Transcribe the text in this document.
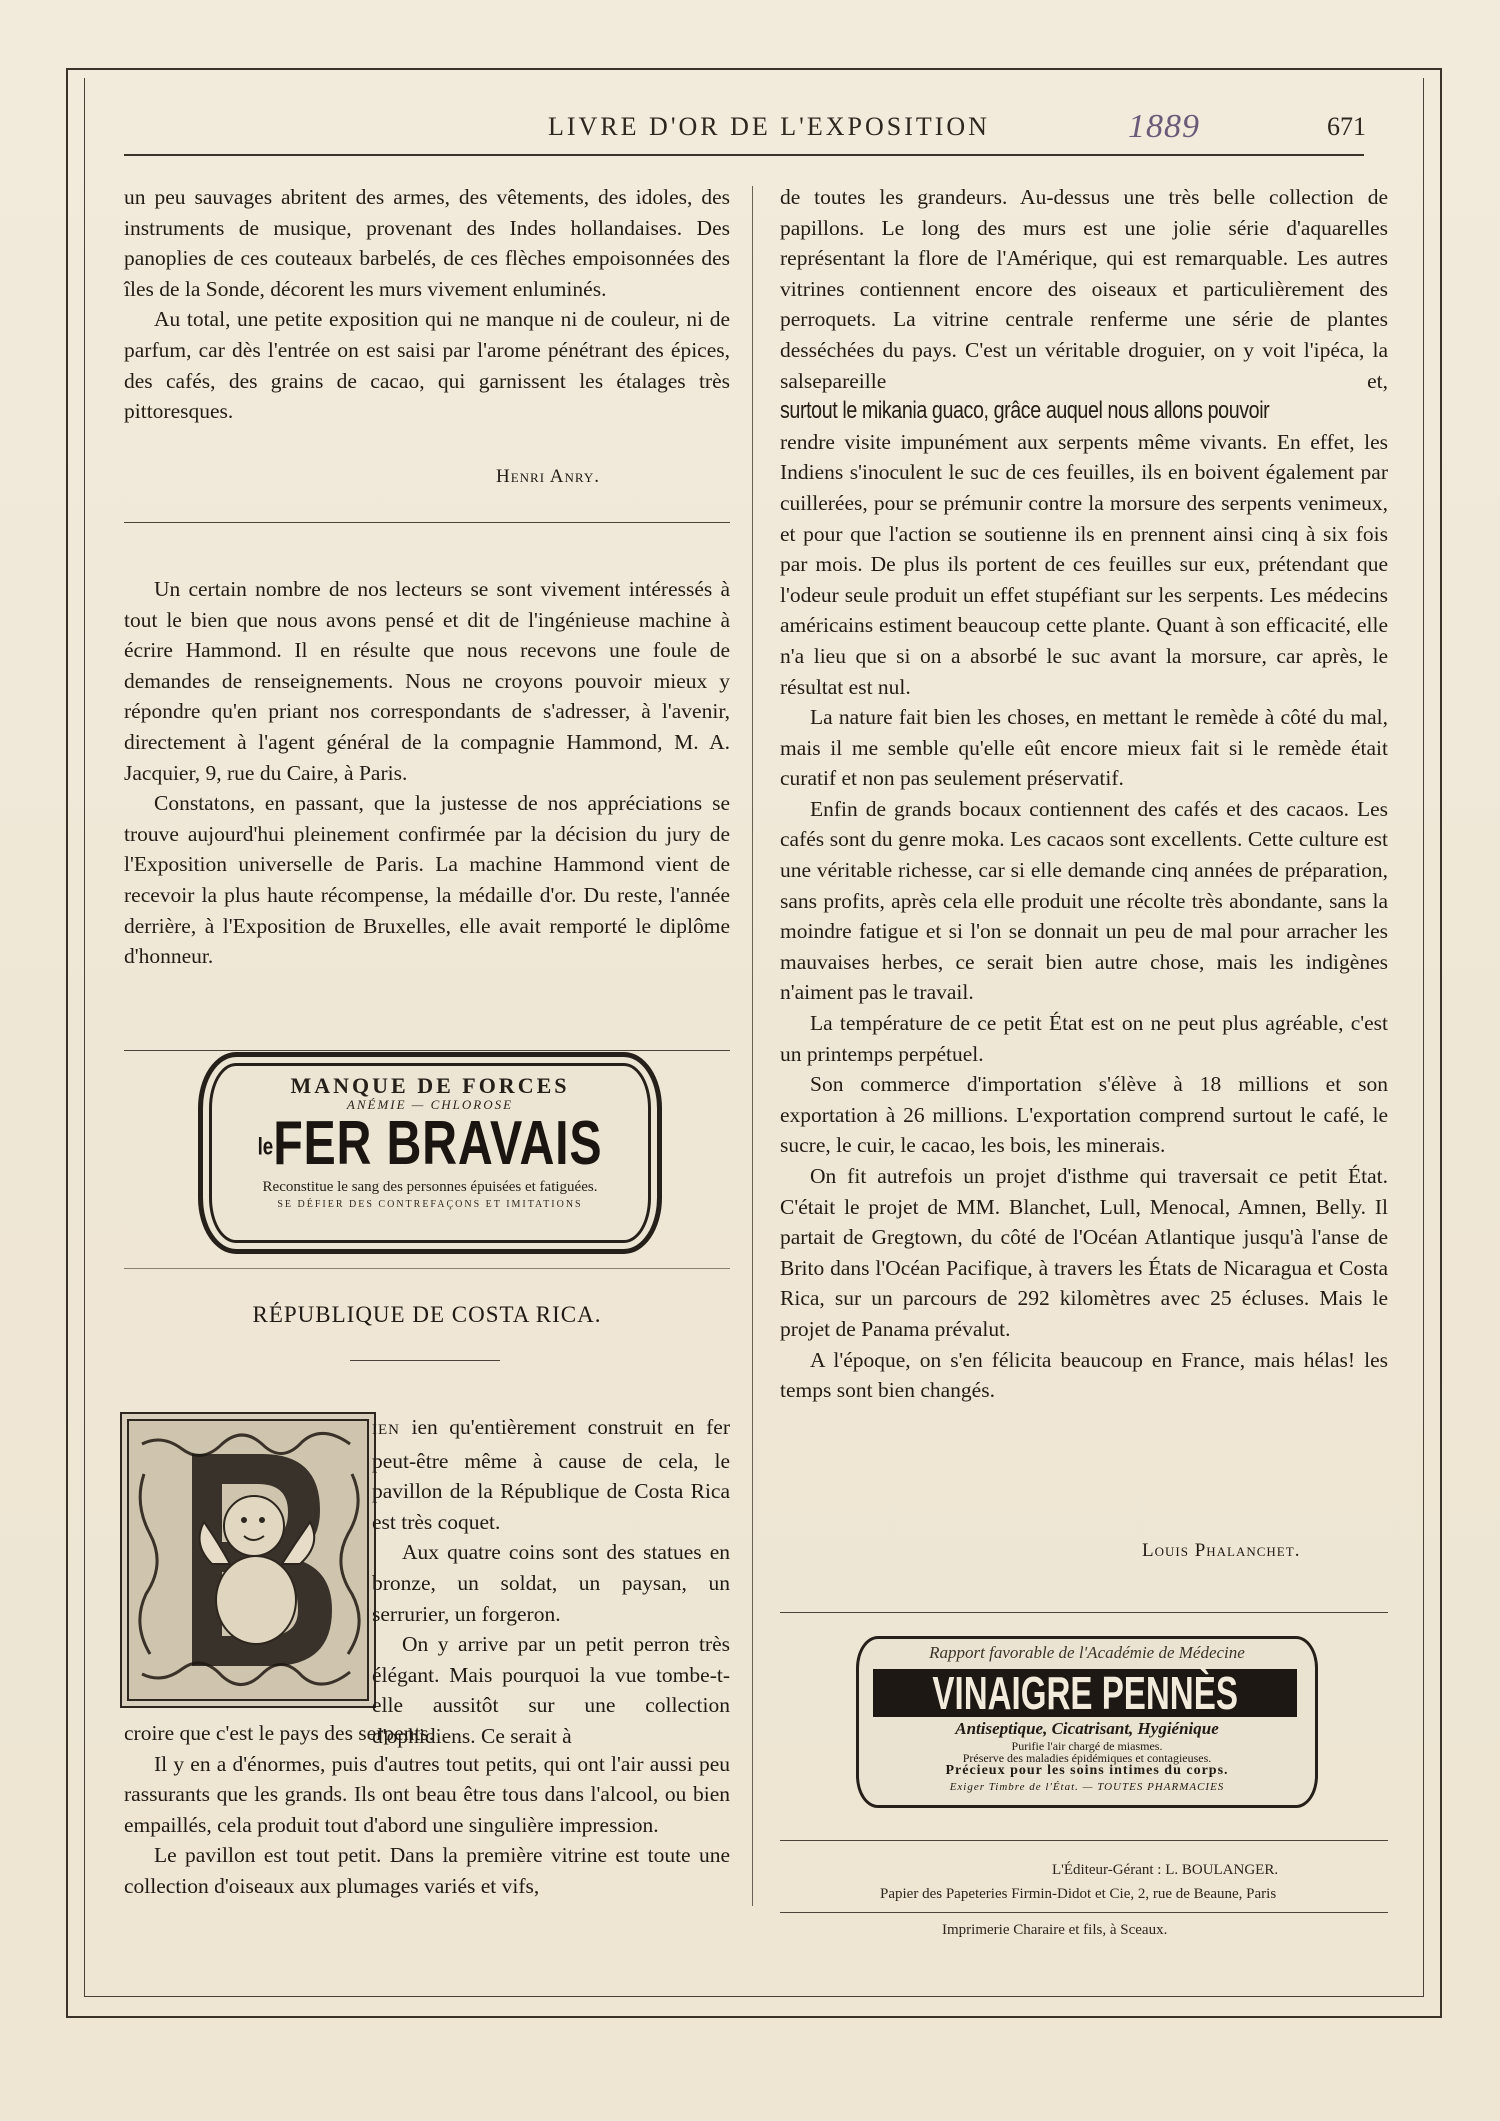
LIVRE D'OR DE L'EXPOSITION	1889	671

un peu sauvages abritent des armes, des vêtements, des idoles, des instruments de musique, provenant des Indes hollandaises. Des panoplies de ces couteaux barbelés, de ces flèches empoisonnées des îles de la Sonde, décorent les murs vivement enluminés.

Au total, une petite exposition qui ne manque ni de couleur, ni de parfum, car dès l'entrée on est saisi par l'arome pénétrant des épices, des cafés, des grains de cacao, qui garnissent les étalages très pittoresques.

Henri Anry.

Un certain nombre de nos lecteurs se sont vivement intéressés à tout le bien que nous avons pensé et dit de l'ingénieuse machine à écrire Hammond. Il en résulte que nous recevons une foule de demandes de renseignements. Nous ne croyons pouvoir mieux y répondre qu'en priant nos correspondants de s'adresser, à l'avenir, directement à l'agent général de la compagnie Hammond, M. A. Jacquier, 9, rue du Caire, à Paris.

Constatons, en passant, que la justesse de nos appréciations se trouve aujourd'hui pleinement confirmée par la décision du jury de l'Exposition universelle de Paris. La machine Hammond vient de recevoir la plus haute récompense, la médaille d'or. Du reste, l'année derrière, à l'Exposition de Bruxelles, elle avait remporté le diplôme d'honneur.

MANQUE DE FORCES
ANÉMIE — CHLOROSE
leFER BRAVAIS
Reconstitue le sang des personnes épuisées et fatiguées.
SE DÉFIER DES CONTREFAÇONS ET IMITATIONS
RÉPUBLIQUE DE COSTA RICA.

IEN ien qu'entièrement construit en fer peut-être même à cause de cela, le pavillon de la République de Costa Rica est très coquet.

Aux quatre coins sont des statues en bronze, un soldat, un paysan, un serrurier, un forgeron.

On y arrive par un petit perron très élégant. Mais pourquoi la vue tombe-t-elle aussitôt sur une collection d'ophidiens. Ce serait à

croire que c'est le pays des serpents.

Il y en a d'énormes, puis d'autres tout petits, qui ont l'air aussi peu rassurants que les grands. Ils ont beau être tous dans l'alcool, ou bien empaillés, cela produit tout d'abord une singulière impression.

Le pavillon est tout petit. Dans la première vitrine est toute une collection d'oiseaux aux plumages variés et vifs,

de toutes les grandeurs. Au-dessus une très belle collection de papillons. Le long des murs est une jolie série d'aquarelles représentant la flore de l'Amérique, qui est remarquable. Les autres vitrines contiennent encore des oiseaux et particulièrement des perroquets. La vitrine centrale renferme une série de plantes desséchées du pays. C'est un véritable droguier, on y voit l'ipéca, la salsepareille et, surtout le mikania guaco, grâce auquel nous allons pouvoir rendre visite impunément aux serpents même vivants. En effet, les Indiens s'inoculent le suc de ces feuilles, ils en boivent également par cuillerées, pour se prémunir contre la morsure des serpents venimeux, et pour que l'action se soutienne ils en prennent ainsi cinq à six fois par mois. De plus ils portent de ces feuilles sur eux, prétendant que l'odeur seule produit un effet stupéfiant sur les serpents. Les médecins américains estiment beaucoup cette plante. Quant à son efficacité, elle n'a lieu que si on a absorbé le suc avant la morsure, car après, le résultat est nul.

La nature fait bien les choses, en mettant le remède à côté du mal, mais il me semble qu'elle eût encore mieux fait si le remède était curatif et non pas seulement préservatif.

Enfin de grands bocaux contiennent des cafés et des cacaos. Les cafés sont du genre moka. Les cacaos sont excellents. Cette culture est une véritable richesse, car si elle demande cinq années de préparation, sans profits, après cela elle produit une récolte très abondante, sans la moindre fatigue et si l'on se donnait un peu de mal pour arracher les mauvaises herbes, ce serait bien autre chose, mais les indigènes n'aiment pas le travail.

La température de ce petit État est on ne peut plus agréable, c'est un printemps perpétuel.

Son commerce d'importation s'élève à 18 millions et son exportation à 26 millions. L'exportation comprend surtout le café, le sucre, le cuir, le cacao, les bois, les minerais.

On fit autrefois un projet d'isthme qui traversait ce petit État. C'était le projet de MM. Blanchet, Lull, Menocal, Amnen, Belly. Il partait de Gregtown, du côté de l'Océan Atlantique jusqu'à l'anse de Brito dans l'Océan Pacifique, à travers les États de Nicaragua et Costa Rica, sur un parcours de 292 kilomètres avec 25 écluses. Mais le projet de Panama prévalut.

A l'époque, on s'en félicita beaucoup en France, mais hélas! les temps sont bien changés.

Louis Phalanchet.
Rapport favorable de l'Académie de Médecine
VINAIGRE PENNÈS
Antiseptique, Cicatrisant, Hygiénique
Purifie l'air chargé de miasmes.
Préserve des maladies épidémiques et contagieuses.
Précieux pour les soins intimes du corps.
Exiger Timbre de l'État. — TOUTES PHARMACIES
L'Éditeur-Gérant : L. BOULANGER.
Papier des Papeteries Firmin-Didot et Cie, 2, rue de Beaune, Paris
Imprimerie Charaire et fils, à Sceaux.
